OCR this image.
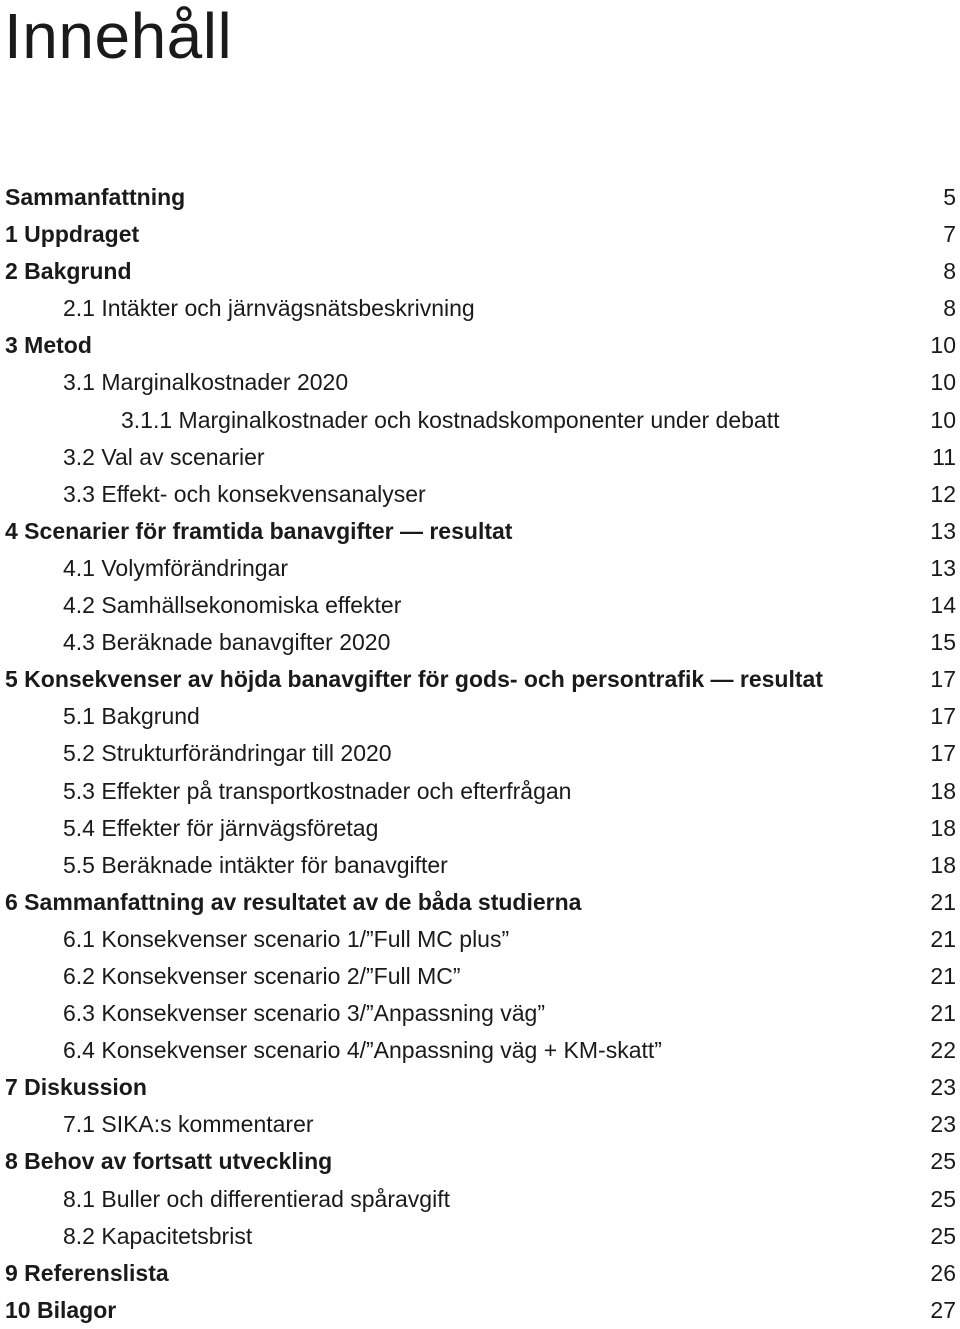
Innehåll
Sammanfattning	5
1 Uppdraget	7
2 Bakgrund	8
2.1 Intäkter och järnvägsnätsbeskrivning	8
3 Metod	10
3.1 Marginalkostnader 2020	10
3.1.1 Marginalkostnader och kostnadskomponenter under debatt	10
3.2 Val av scenarier	11
3.3 Effekt- och konsekvensanalyser	12
4 Scenarier för framtida banavgifter — resultat	13
4.1 Volymförändringar	13
4.2 Samhällsekonomiska effekter	14
4.3 Beräknade banavgifter 2020	15
5 Konsekvenser av höjda banavgifter för gods- och persontrafik — resultat	17
5.1 Bakgrund	17
5.2 Strukturförändringar till 2020	17
5.3 Effekter på transportkostnader och efterfrågan	18
5.4 Effekter för järnvägsföretag	18
5.5 Beräknade intäkter för banavgifter	18
6 Sammanfattning av resultatet av de båda studierna	21
6.1 Konsekvenser scenario 1/”Full MC plus”	21
6.2 Konsekvenser scenario 2/”Full MC”	21
6.3 Konsekvenser scenario 3/”Anpassning väg”	21
6.4 Konsekvenser scenario 4/”Anpassning väg + KM-skatt”	22
7 Diskussion	23
7.1 SIKA:s kommentarer	23
8 Behov av fortsatt utveckling	25
8.1 Buller och differentierad spåravgift	25
8.2 Kapacitetsbrist	25
9 Referenslista	26
10 Bilagor	27
